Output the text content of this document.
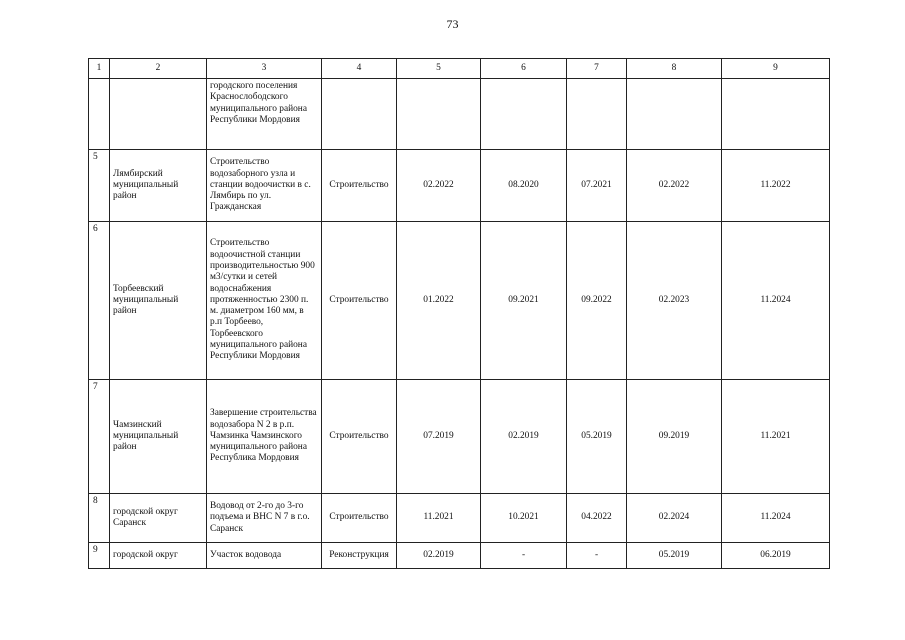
73
1	2	3	4	5	6	7	8	9
		городского поселения Краснослободского муниципального района Республики Мордовия						
5	Лямбирский муниципальный район	Строительство водозаборного узла и станции водоочистки в с. Лямбирь по ул. Гражданская	Строительство	02.2022	08.2020	07.2021	02.2022	11.2022
6	Торбеевский муниципальный район	Строительство водоочистной станции производительностью 900 м3/сутки и сетей водоснабжения протяженностью 2300 п. м. диаметром 160 мм, в р.п Торбеево, Торбеевского муниципального района Республики Мордовия	Строительство	01.2022	09.2021	09.2022	02.2023	11.2024
7	Чамзинский муниципальный район	Завершение строительства водозабора N 2 в р.п. Чамзинка Чамзинского муниципального района Республика Мордовия	Строительство	07.2019	02.2019	05.2019	09.2019	11.2021
8	городской округ Саранск	Водовод от 2-го до 3-го подъема и ВНС N 7 в г.о. Саранск	Строительство	11.2021	10.2021	04.2022	02.2024	11.2024
9	городской округ	Участок водовода	Реконструкция	02.2019	-	-	05.2019	06.2019
